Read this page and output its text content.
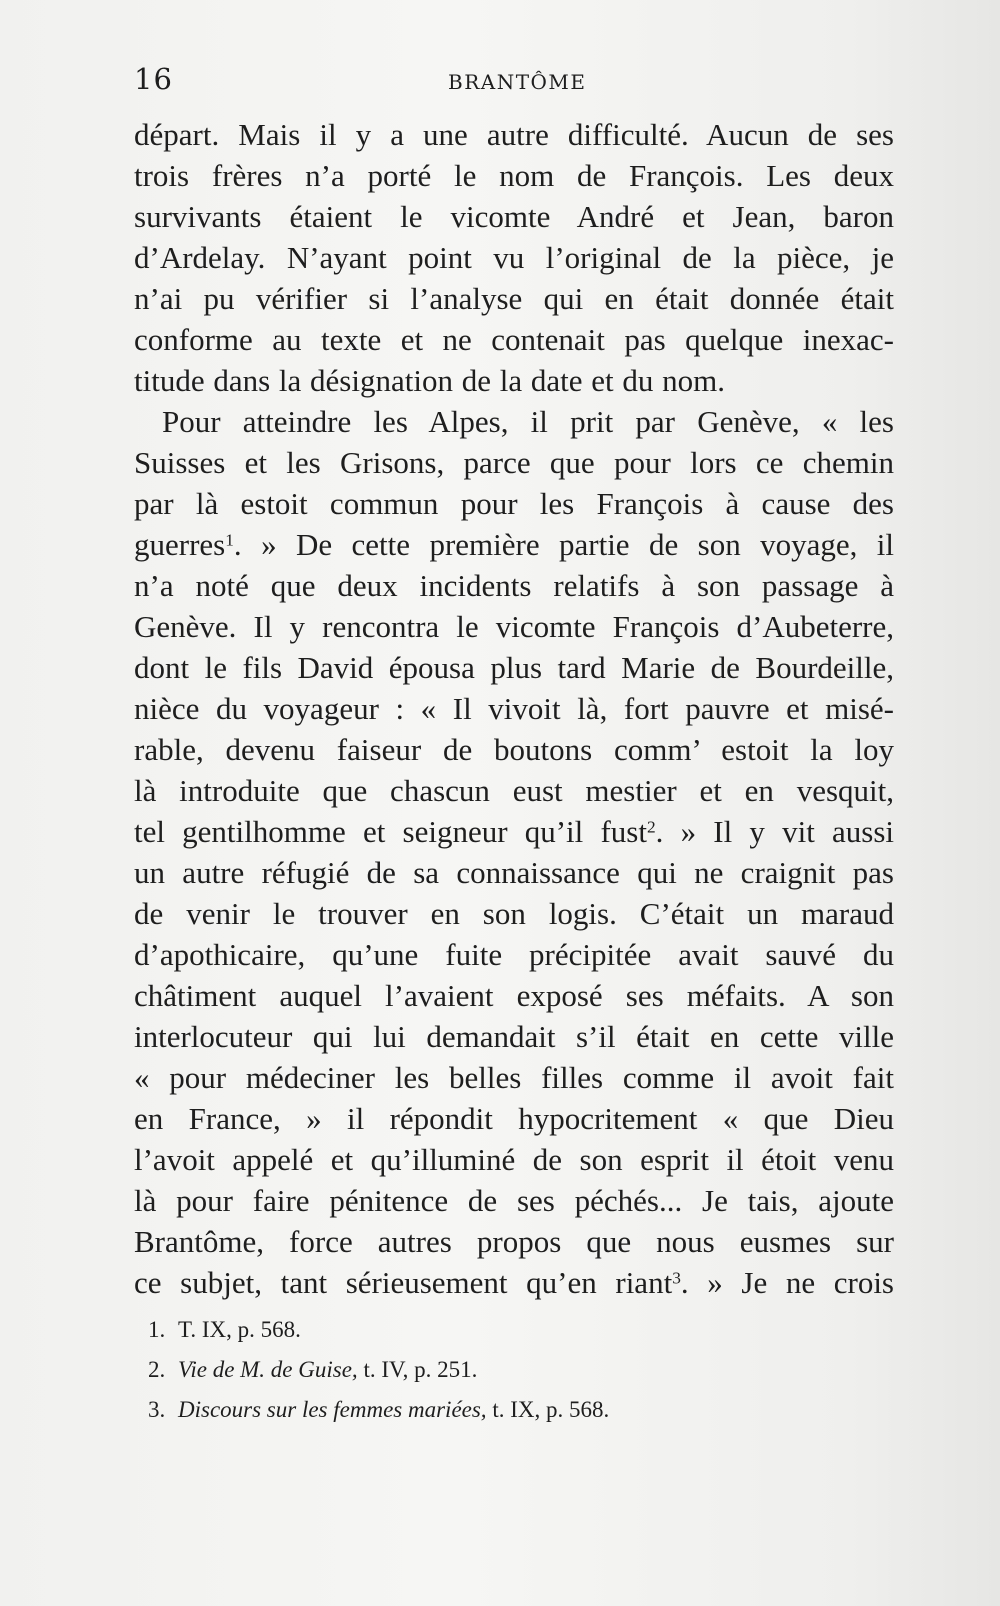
16	BRANTÔME
départ. Mais il y a une autre difficulté. Aucun de ses
trois frères n’a porté le nom de François. Les deux
survivants étaient le vicomte André et Jean, baron
d’Ardelay. N’ayant point vu l’original de la pièce, je
n’ai pu vérifier si l’analyse qui en était donnée était
conforme au texte et ne contenait pas quelque inexac-
titude dans la désignation de la date et du nom.
Pour atteindre les Alpes, il prit par Genève, « les
Suisses et les Grisons, parce que pour lors ce chemin
par là estoit commun pour les François à cause des
guerres$^1$. » De cette première partie de son voyage, il
n’a noté que deux incidents relatifs à son passage à
Genève. Il y rencontra le vicomte François d’Aubeterre,
dont le fils David épousa plus tard Marie de Bourdeille,
nièce du voyageur : « Il vivoit là, fort pauvre et misé-
rable, devenu faiseur de boutons comm’ estoit la loy
là introduite que chascun eust mestier et en vesquit,
tel gentilhomme et seigneur qu’il fust$^2$. » Il y vit aussi
un autre réfugié de sa connaissance qui ne craignit pas
de venir le trouver en son logis. C’était un maraud
d’apothicaire, qu’une fuite précipitée avait sauvé du
châtiment auquel l’avaient exposé ses méfaits. A son
interlocuteur qui lui demandait s’il était en cette ville
« pour médeciner les belles filles comme il avoit fait
en France, » il répondit hypocritement « que Dieu
l’avoit appelé et qu’illuminé de son esprit il étoit venu
là pour faire pénitence de ses péchés... Je tais, ajoute
Brantôme, force autres propos que nous eusmes sur
ce subjet, tant sérieusement qu’en riant$^3$. » Je ne crois
1. T. IX, p. 568.
2. Vie de M. de Guise, t. IV, p. 251.
3. Discours sur les femmes mariées, t. IX, p. 568.
